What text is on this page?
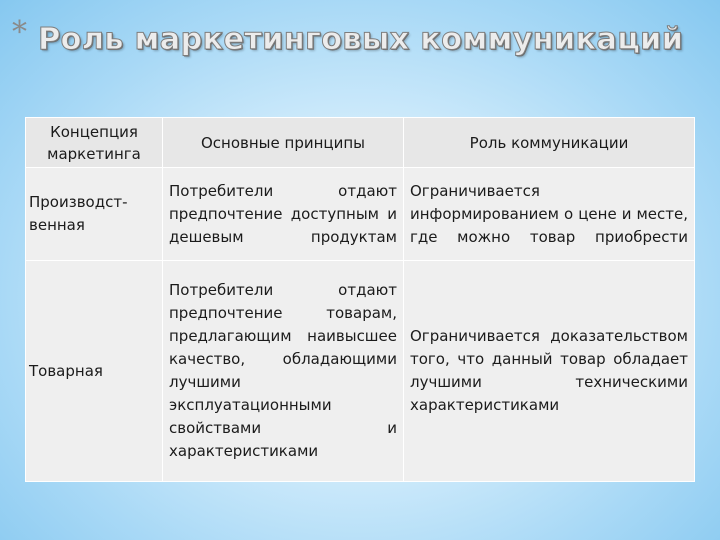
* Роль маркетинговых коммуникаций
Концепция маркетинга	Основные принципы	Роль коммуникации
Производст-венная	Потребители отдают предпочтение доступным и дешевым продуктам	Ограничивается информированием о цене и месте, где можно товар приобрести
Товарная	Потребители отдают предпочтение товарам, предлагающим наивысшее качество, обладающими лучшими эксплуатационными свойствами и характеристиками	Ограничивается доказательством того, что данный товар обладает лучшими техническими характеристиками
